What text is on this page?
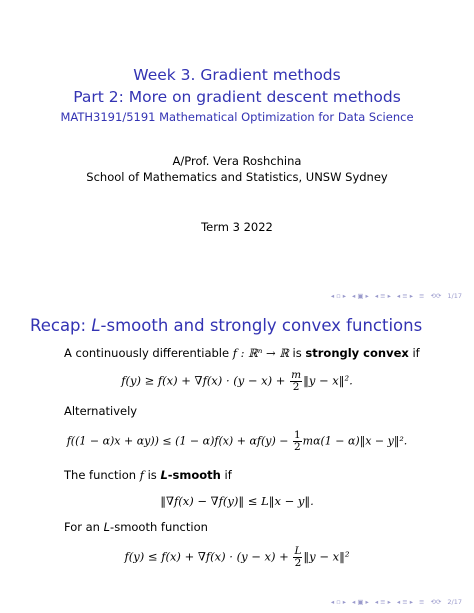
Week 3. Gradient methods
Part 2: More on gradient descent methods
MATH3191/5191 Mathematical Optimization for Data Science
A/Prof. Vera Roshchina
School of Mathematics and Statistics, UNSW Sydney
Term 3 2022
◂ ▫ ▸ ◂ ▣ ▸ ◂ ≡ ▸ ◂ ≡ ▸ ≡ ⟲⟳ 1/17
Recap: L-smooth and strongly convex functions
A continuously differentiable f : ℝⁿ → ℝ is strongly convex if
$f(y) \ge f(x) + \nabla f(x) \cdot (y - x) + \frac{m}{2}$ ‖y − x‖².
Alternatively
$f((1 - \alpha)x + \alpha y)) \le (1 - \alpha)f(x) + \alpha f(y) - \frac{1}{2} m\alpha(1$ − α)‖x − y‖².
The function f is L-smooth if
‖∇f(x) − ∇f(y)‖ ≤ L‖x − y‖.
For an L-smooth function
$f(y) \le f(x) + \nabla f(x) \cdot (y - x) + \frac{L}{2}$ ‖y − x‖²
◂ ▫ ▸ ◂ ▣ ▸ ◂ ≡ ▸ ◂ ≡ ▸ ≡ ⟲⟳ 2/17
